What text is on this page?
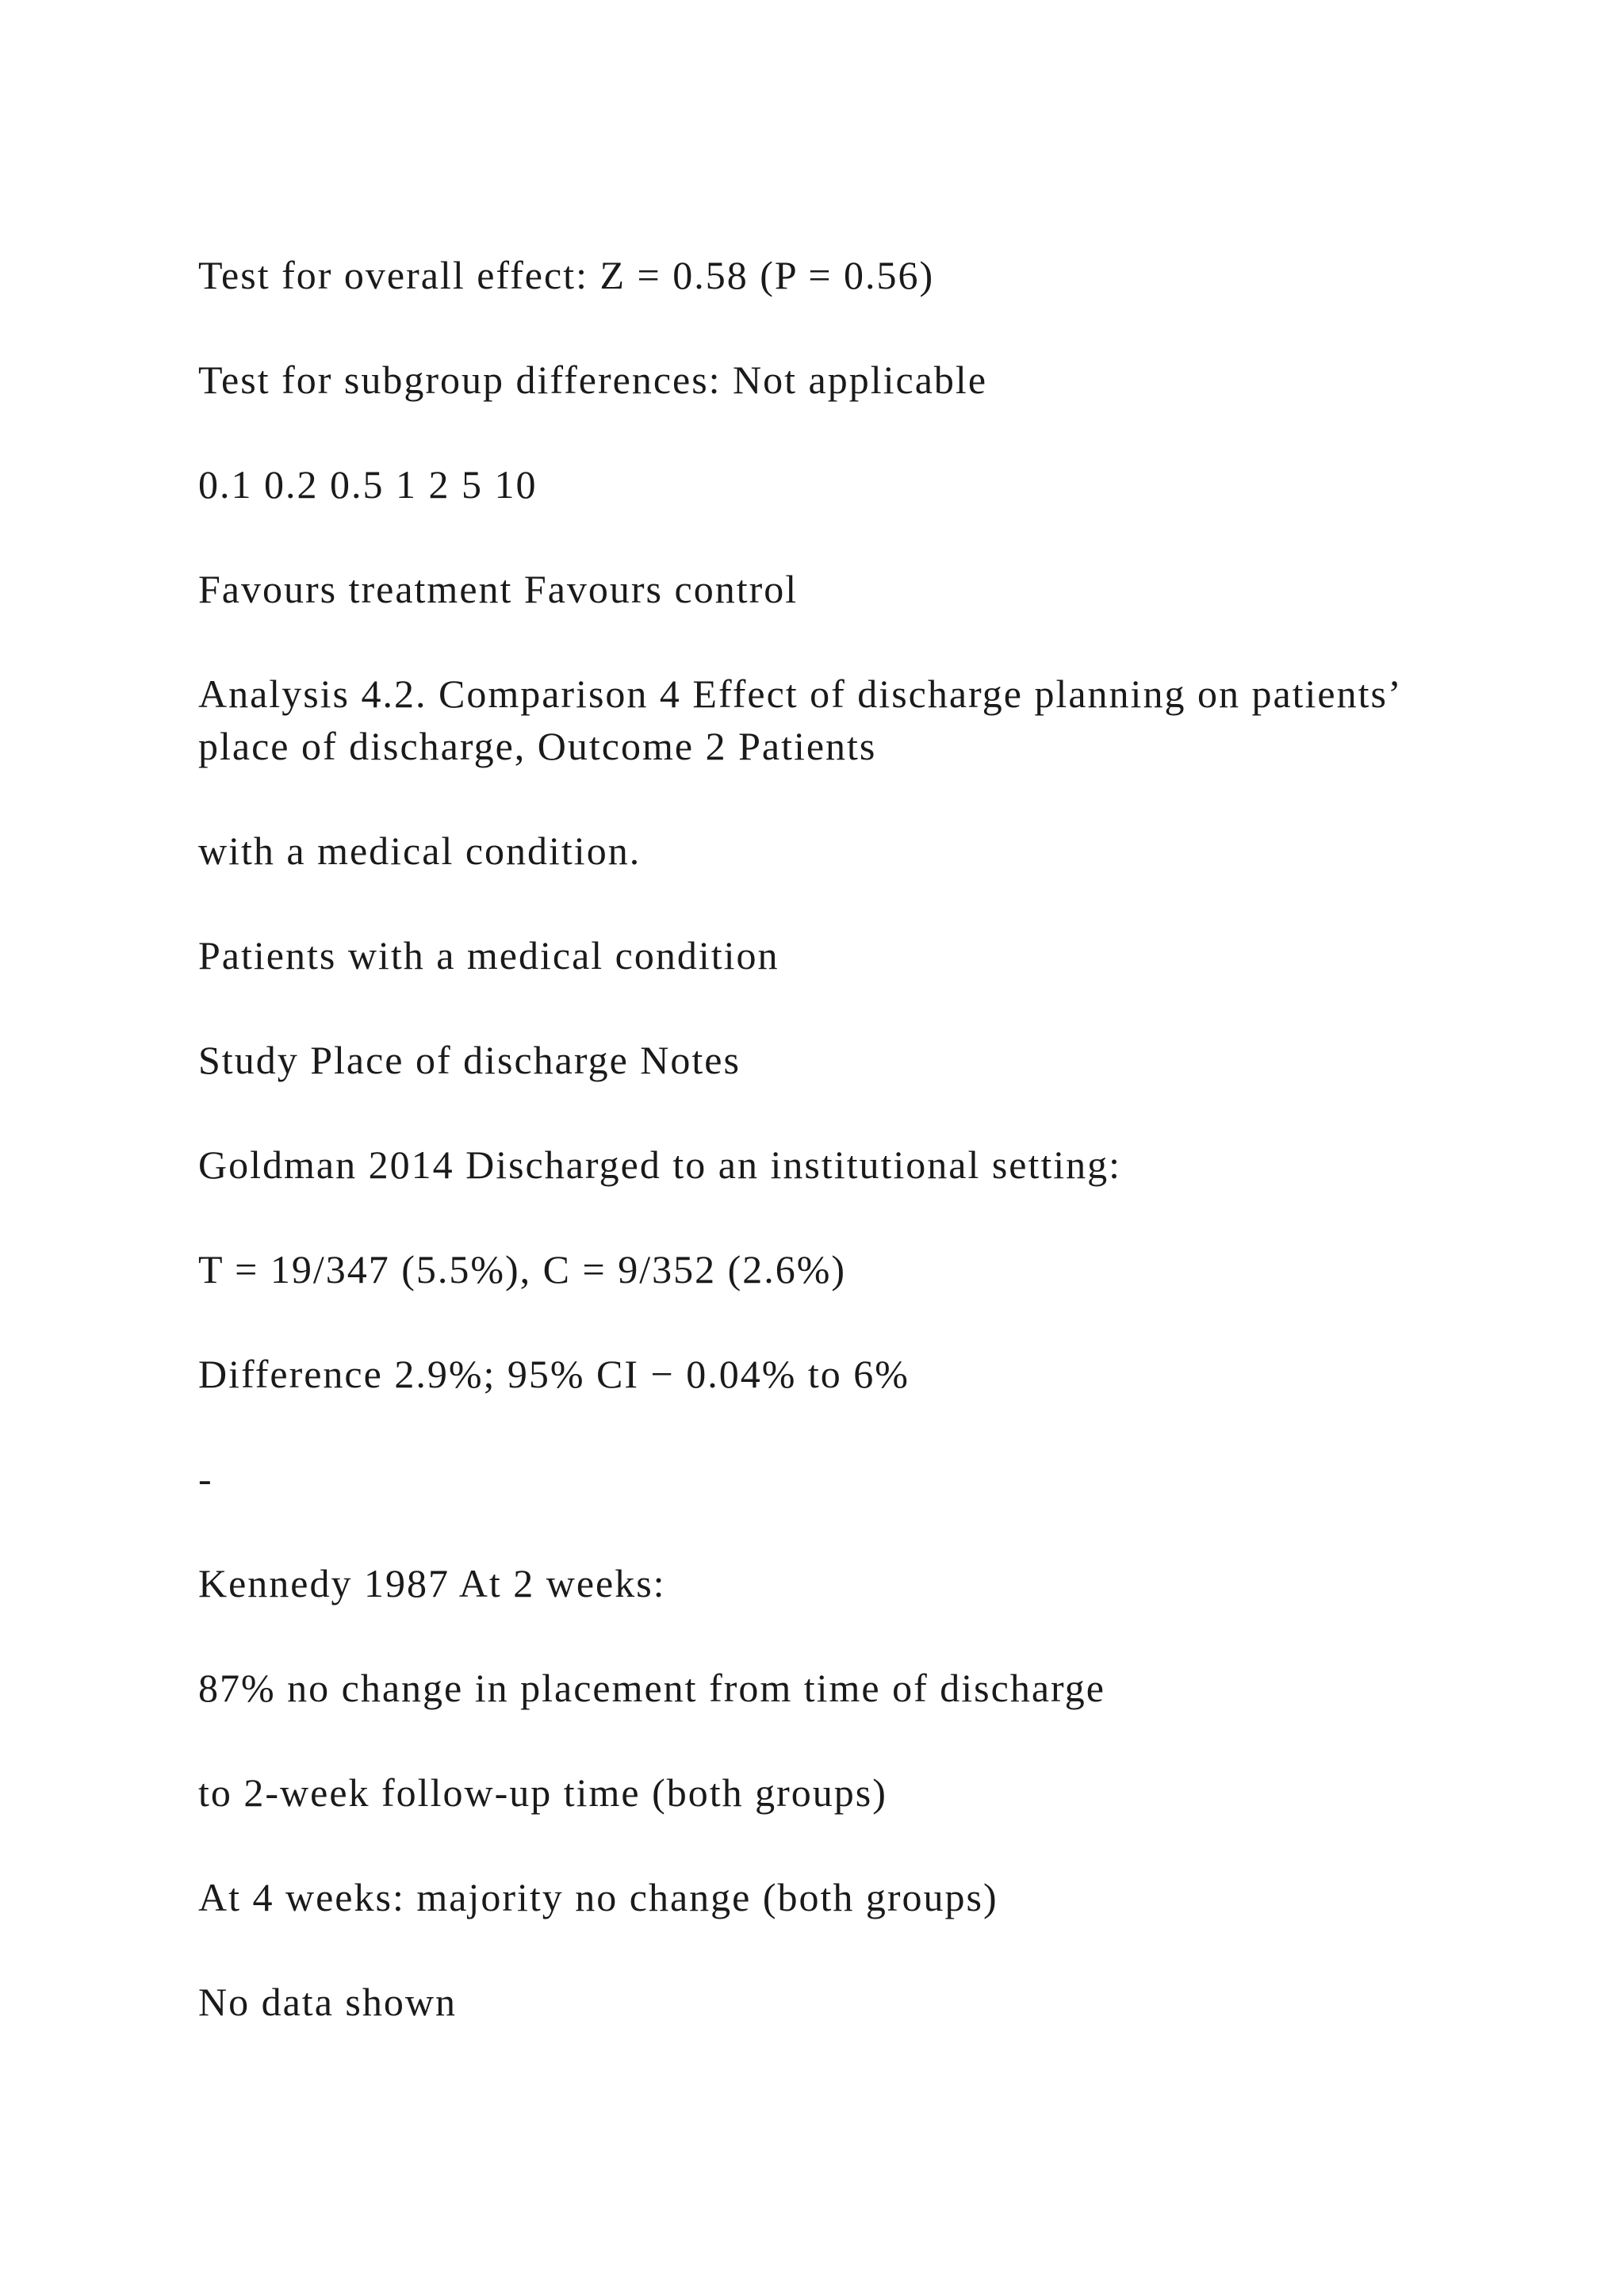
Test for overall effect: Z = 0.58 (P = 0.56)

Test for subgroup differences: Not applicable

0.1 0.2 0.5 1 2 5 10

Favours treatment Favours control

Analysis 4.2. Comparison 4 Effect of discharge planning on patients’ place of discharge, Outcome 2 Patients

with a medical condition.

Patients with a medical condition

Study Place of discharge Notes

Goldman 2014 Discharged to an institutional setting:

T = 19/347 (5.5%), C = 9/352 (2.6%)

Difference 2.9%; 95% CI − 0.04% to 6%

-

Kennedy 1987 At 2 weeks:

87% no change in placement from time of discharge

to 2-week follow-up time (both groups)

At 4 weeks: majority no change (both groups)

No data shown
